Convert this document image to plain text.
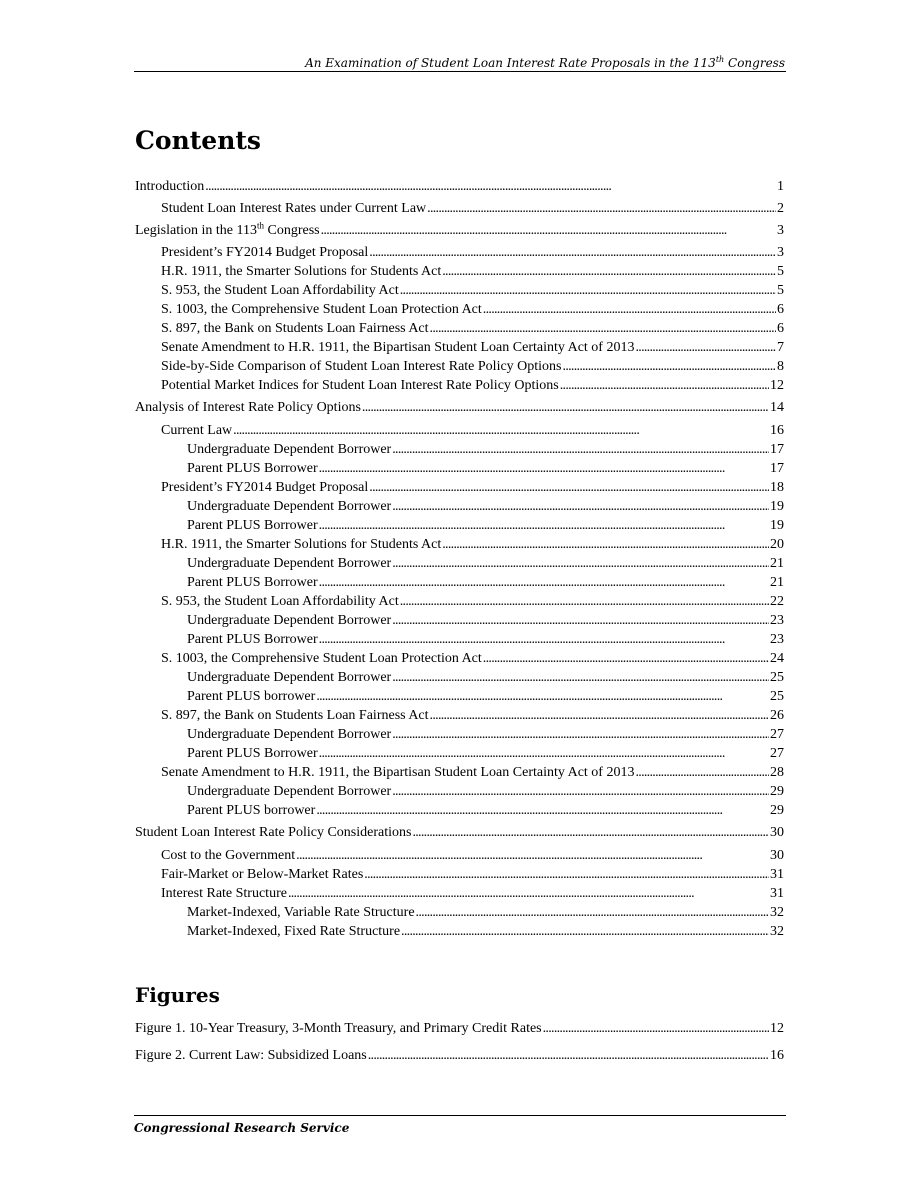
An Examination of Student Loan Interest Rate Proposals in the 113th Congress
Contents
Introduction . . .	1
Student Loan Interest Rates under Current Law . . .	2
Legislation in the 113th Congress . . .	3
President’s FY2014 Budget Proposal . . .	3
H.R. 1911, the Smarter Solutions for Students Act . . .	5
S. 953, the Student Loan Affordability Act . . .	5
S. 1003, the Comprehensive Student Loan Protection Act . . .	6
S. 897, the Bank on Students Loan Fairness Act . . .	6
Senate Amendment to H.R. 1911, the Bipartisan Student Loan Certainty Act of 2013 . . .	7
Side-by-Side Comparison of Student Loan Interest Rate Policy Options . . .	8
Potential Market Indices for Student Loan Interest Rate Policy Options . . .	12
Analysis of Interest Rate Policy Options . . .	14
Current Law . . .	16
Undergraduate Dependent Borrower . . .	17
Parent PLUS Borrower . . .	17
President’s FY2014 Budget Proposal . . .	18
Undergraduate Dependent Borrower . . .	19
Parent PLUS Borrower . . .	19
H.R. 1911, the Smarter Solutions for Students Act . . .	20
Undergraduate Dependent Borrower . . .	21
Parent PLUS Borrower . . .	21
S. 953, the Student Loan Affordability Act . . .	22
Undergraduate Dependent Borrower . . .	23
Parent PLUS Borrower . . .	23
S. 1003, the Comprehensive Student Loan Protection Act . . .	24
Undergraduate Dependent Borrower . . .	25
Parent PLUS borrower . . .	25
S. 897, the Bank on Students Loan Fairness Act . . .	26
Undergraduate Dependent Borrower . . .	27
Parent PLUS Borrower . . .	27
Senate Amendment to H.R. 1911, the Bipartisan Student Loan Certainty Act of 2013 . . .	28
Undergraduate Dependent Borrower . . .	29
Parent PLUS borrower . . .	29
Student Loan Interest Rate Policy Considerations . . .	30
Cost to the Government . . .	30
Fair-Market or Below-Market Rates . . .	31
Interest Rate Structure . . .	31
Market-Indexed, Variable Rate Structure . . .	32
Market-Indexed, Fixed Rate Structure . . .	32
Figures
Figure 1. 10-Year Treasury, 3-Month Treasury, and Primary Credit Rates . . .	12
Figure 2. Current Law: Subsidized Loans . . .	16
Congressional Research Service
